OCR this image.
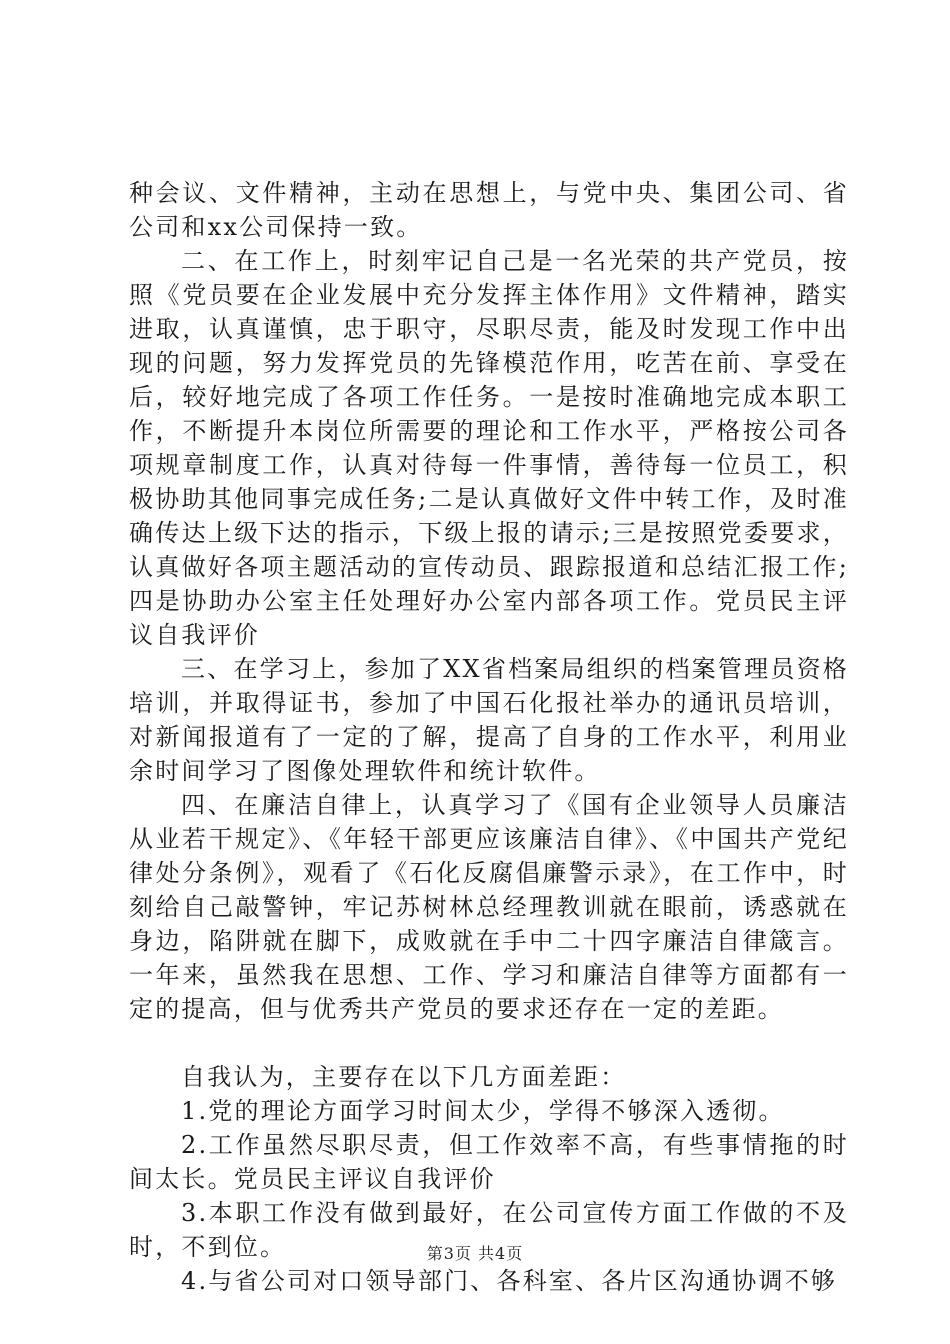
种会议、文件精神，主动在思想上，与党中央、集团公司、省公司和xx公司保持一致。

二、在工作上，时刻牢记自己是一名光荣的共产党员，按照《党员要在企业发展中充分发挥主体作用》文件精神，踏实进取，认真谨慎，忠于职守，尽职尽责，能及时发现工作中出现的问题，努力发挥党员的先锋模范作用，吃苦在前、享受在后，较好地完成了各项工作任务。一是按时准确地完成本职工作，不断提升本岗位所需要的理论和工作水平，严格按公司各项规章制度工作，认真对待每一件事情，善待每一位员工，积极协助其他同事完成任务;二是认真做好文件中转工作，及时准确传达上级下达的指示，下级上报的请示;三是按照党委要求，认真做好各项主题活动的宣传动员、跟踪报道和总结汇报工作;四是协助办公室主任处理好办公室内部各项工作。党员民主评议自我评价

三、在学习上，参加了XX省档案局组织的档案管理员资格培训，并取得证书，参加了中国石化报社举办的通讯员培训，对新闻报道有了一定的了解，提高了自身的工作水平，利用业余时间学习了图像处理软件和统计软件。

四、在廉洁自律上，认真学习了《国有企业领导人员廉洁从业若干规定》、《年轻干部更应该廉洁自律》、《中国共产党纪律处分条例》，观看了《石化反腐倡廉警示录》，在工作中，时刻给自己敲警钟，牢记苏树林总经理教训就在眼前，诱惑就在身边，陷阱就在脚下，成败就在手中二十四字廉洁自律箴言。一年来，虽然我在思想、工作、学习和廉洁自律等方面都有一定的提高，但与优秀共产党员的要求还存在一定的差距。

自我认为，主要存在以下几方面差距：

1.党的理论方面学习时间太少，学得不够深入透彻。

2.工作虽然尽职尽责，但工作效率不高，有些事情拖的时间太长。党员民主评议自我评价

3.本职工作没有做到最好，在公司宣传方面工作做的不及时，不到位。

4.与省公司对口领导部门、各科室、各片区沟通协调不够

第3页 共4页
